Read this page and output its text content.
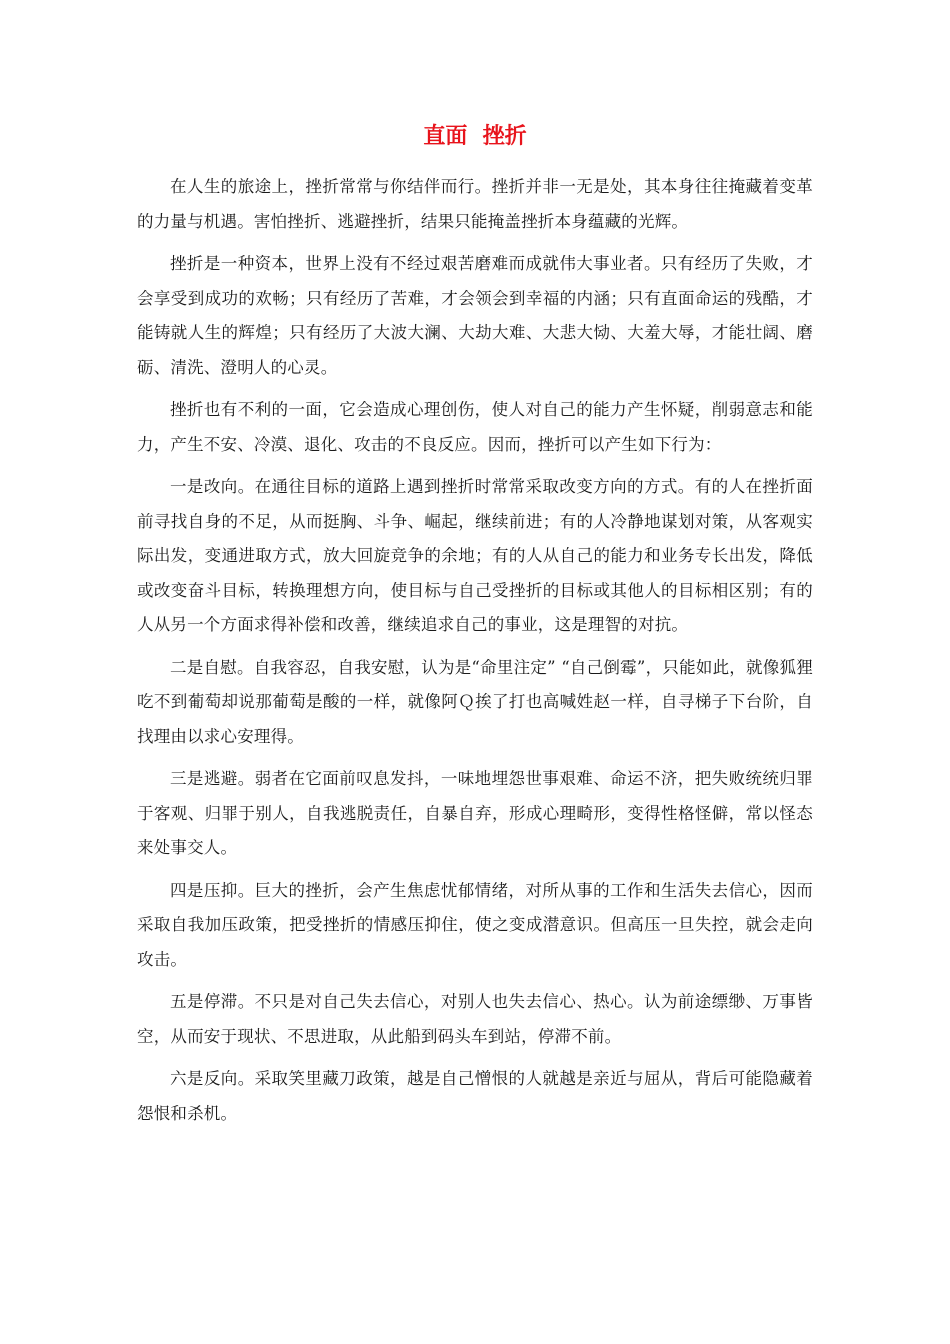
直面  挫折

在人生的旅途上，挫折常常与你结伴而行。挫折并非一无是处，其本身往往掩藏着变革的力量与机遇。害怕挫折、逃避挫折，结果只能掩盖挫折本身蕴藏的光辉。

挫折是一种资本，世界上没有不经过艰苦磨难而成就伟大事业者。只有经历了失败，才会享受到成功的欢畅；只有经历了苦难，才会领会到幸福的内涵；只有直面命运的残酷，才能铸就人生的辉煌；只有经历了大波大澜、大劫大难、大悲大恸、大羞大辱，才能壮阔、磨砺、清洗、澄明人的心灵。

挫折也有不利的一面，它会造成心理创伤，使人对自己的能力产生怀疑，削弱意志和能力，产生不安、冷漠、退化、攻击的不良反应。因而，挫折可以产生如下行为：

一是改向。在通往目标的道路上遇到挫折时常常采取改变方向的方式。有的人在挫折面前寻找自身的不足，从而挺胸、斗争、崛起，继续前进；有的人冷静地谋划对策，从客观实际出发，变通进取方式，放大回旋竞争的余地；有的人从自己的能力和业务专长出发，降低或改变奋斗目标，转换理想方向，使目标与自己受挫折的目标或其他人的目标相区别；有的人从另一个方面求得补偿和改善，继续追求自己的事业，这是理智的对抗。

二是自慰。自我容忍，自我安慰，认为是“命里注定” “自己倒霉”，只能如此，就像狐狸吃不到葡萄却说那葡萄是酸的一样，就像阿Ｑ挨了打也高喊姓赵一样，自寻梯子下台阶，自找理由以求心安理得。

三是逃避。弱者在它面前叹息发抖，一味地埋怨世事艰难、命运不济，把失败统统归罪于客观、归罪于别人，自我逃脱责任，自暴自弃，形成心理畸形，变得性格怪僻，常以怪态来处事交人。

四是压抑。巨大的挫折，会产生焦虑忧郁情绪，对所从事的工作和生活失去信心，因而采取自我加压政策，把受挫折的情感压抑住，使之变成潜意识。但高压一旦失控，就会走向攻击。

五是停滞。不只是对自己失去信心，对别人也失去信心、热心。认为前途缥缈、万事皆空，从而安于现状、不思进取，从此船到码头车到站，停滞不前。

六是反向。采取笑里藏刀政策，越是自己憎恨的人就越是亲近与屈从，背后可能隐藏着怨恨和杀机。
